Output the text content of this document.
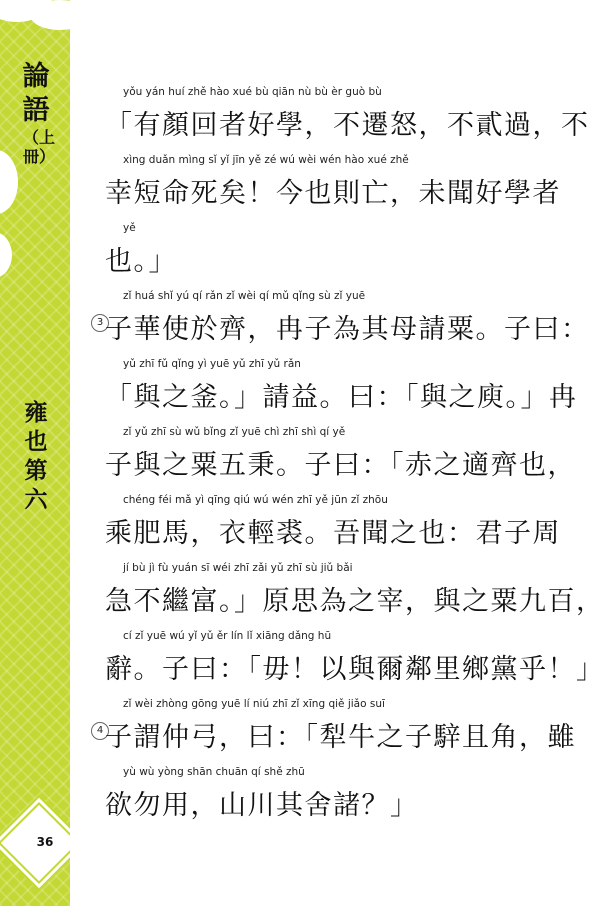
論語
（上冊）
雍也第六
36
yǒu yán huí zhě hào xué bù qiān nù bù èr guò bù
「有顏回者好學，不遷怒，不貳過，不
xìng duǎn mìng sǐ yǐ jīn yě zé wú wèi wén hào xué zhě
幸短命死矣！今也則亡，未聞好學者
yě
也。」
3
zǐ huá shǐ yú qí rǎn zǐ wèi qí mǔ qǐng sù zǐ yuē
子華使於齊，冉子為其母請粟。子曰：
yǔ zhī fǔ qǐng yì yuē yǔ zhī yǔ rǎn
「與之釜。」請益。曰：「與之庾。」冉
zǐ yǔ zhī sù wǔ bǐng zǐ yuē chì zhī shì qí yě
子與之粟五秉。子曰：「赤之適齊也，
chéng féi mǎ yì qīng qiú wú wén zhī yě jūn zǐ zhōu
乘肥馬，衣輕裘。吾聞之也：君子周
jí bù jì fù yuán sī wéi zhī zǎi yǔ zhī sù jiǔ bǎi
急不繼富。」原思為之宰，與之粟九百，
cí zǐ yuē wú yǐ yǔ ěr lín lǐ xiāng dǎng hū
辭。子曰：「毋！以與爾鄰里鄉黨乎！」
4
zǐ wèi zhòng gōng yuē lí niú zhī zǐ xīng qiě jiǎo suī
子謂仲弓，曰：「犁牛之子騂且角，雖
yù wù yòng shān chuān qí shě zhū
欲勿用，山川其舍諸？」
